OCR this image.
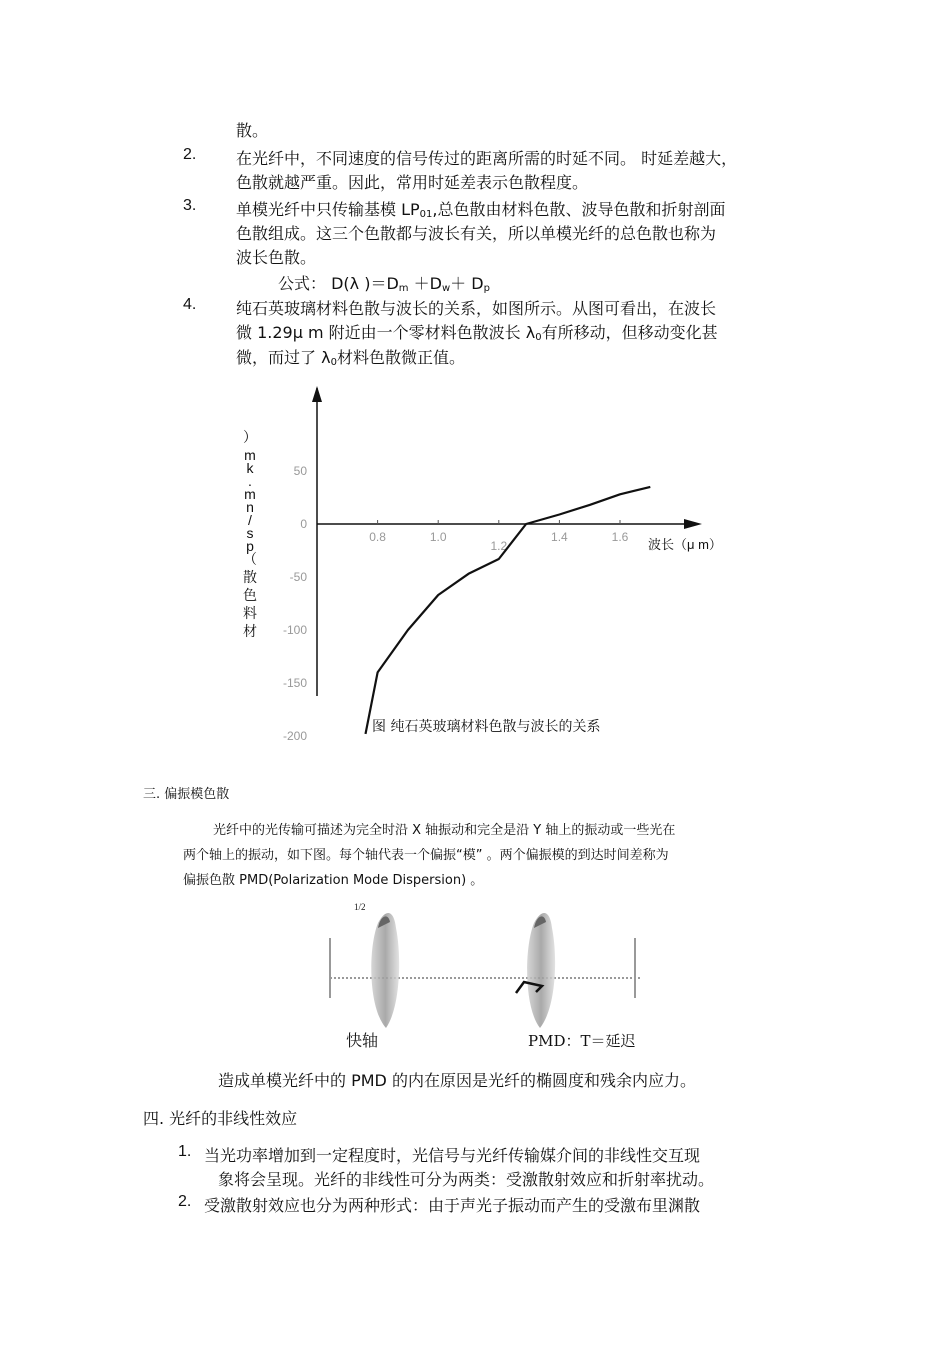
散。
2. 在光纤中，不同速度的信号传过的距离所需的时延不同。 时延差越大，
色散就越严重。因此，常用时延差表示色散程度。
3. 单模光纤中只传输基模 $LP_{01}$,总色散由材料色散、波导色散和折射剖面
色散组成。这三个色散都与波长有关，所以单模光纤的总色散也称为
波长色散。
公式： D(λ )$=D_m +D_w+ D_p$
4. 纯石英玻璃材料色散与波长的关系，如图所示。从图可看出，在波长
微 1.29μ m 附近由一个零材料色散波长 $\lambda_0$有所移动，但移动变化甚
微，而过了 $\lambda_0$材料色散微正值。
0.8	1.0
1.2
1.4	1.6
50
0
-50
-100
-150
-200
）
m
k
.
m
n
/
s
p
（
散
色
料
材
波长（μ m）
图 纯石英玻璃材料色散与波长的关系
三. 偏振模色散
光纤中的光传输可描述为完全时沿 X 轴振动和完全是沿 Y 轴上的振动或一些光在
两个轴上的振动，如下图。每个轴代表一个偏振“模” 。两个偏振模的到达时间差称为
偏振色散 PMD(Polarization Mode Dispersion) 。
1/2
快轴	PMD：T＝延迟
造成单模光纤中的 PMD 的内在原因是光纤的椭圆度和残余内应力。
四. 光纤的非线性效应
1. 当光功率增加到一定程度时，光信号与光纤传输媒介间的非线性交互现
象将会呈现。光纤的非线性可分为两类：受激散射效应和折射率扰动。
2. 受激散射效应也分为两种形式：由于声光子振动而产生的受激布里渊散
